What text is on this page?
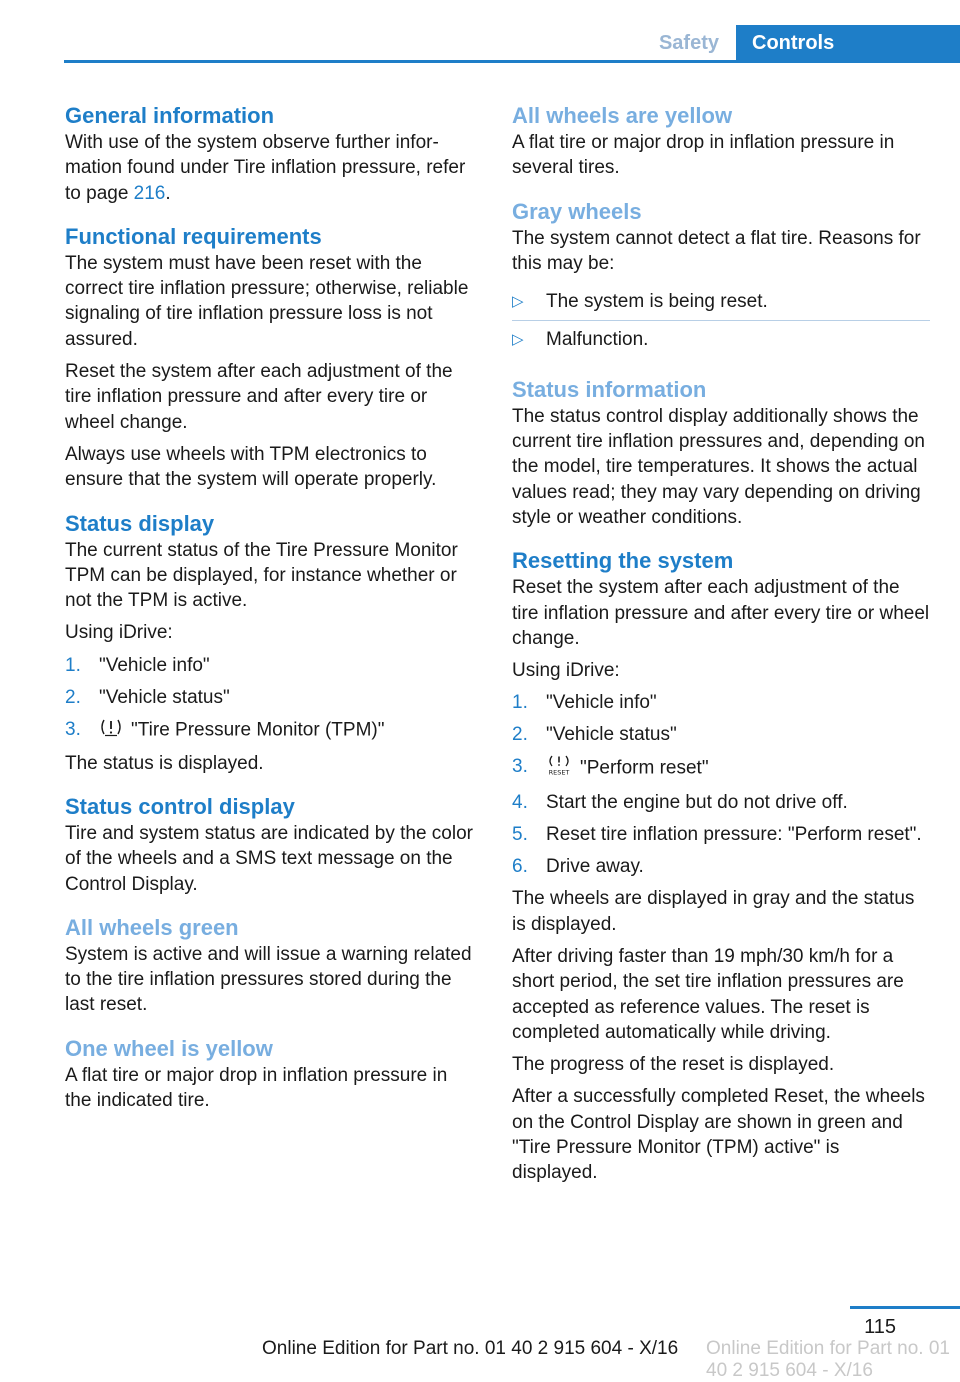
Safety	Controls
General information

With use of the system observe further information found under Tire inflation pressure, refer to page 216.

Functional requirements

The system must have been reset with the correct tire inflation pressure; otherwise, reliable signaling of tire inflation pressure loss is not assured.

Reset the system after each adjustment of the tire inflation pressure and after every tire or wheel change.

Always use wheels with TPM electronics to ensure that the system will operate properly.

Status display

The current status of the Tire Pressure Monitor TPM can be displayed, for instance whether or not the TPM is active.

Using iDrive:

1. "Vehicle info"
2. "Vehicle status"
3.	"Tire Pressure Monitor (TPM)"

The status is displayed.

Status control display

Tire and system status are indicated by the color of the wheels and a SMS text message on the Control Display.

All wheels green

System is active and will issue a warning related to the tire inflation pressures stored during the last reset.

One wheel is yellow

A flat tire or major drop in inflation pressure in the indicated tire.

All wheels are yellow

A flat tire or major drop in inflation pressure in several tires.

Gray wheels

The system cannot detect a flat tire. Reasons for this may be:

▷ The system is being reset.
▷ Malfunction.
Status information

The status control display additionally shows the current tire inflation pressures and, depending on the model, tire temperatures. It shows the actual values read; they may vary depending on driving style or weather conditions.

Resetting the system

Reset the system after each adjustment of the tire inflation pressure and after every tire or wheel change.

Using iDrive:

1. "Vehicle info"
2. "Vehicle status"
3.	RESET "Perform reset"
4. Start the engine but do not drive off.
5. Reset tire inflation pressure: "Perform reset".
6. Drive away.

The wheels are displayed in gray and the status is displayed.

After driving faster than 19 mph/30 km/h for a short period, the set tire inflation pressures are accepted as reference values. The reset is completed automatically while driving.

The progress of the reset is displayed.

After a successfully completed Reset, the wheels on the Control Display are shown in green and "Tire Pressure Monitor (TPM) active" is displayed.

115
Online Edition for Part no. 01 40 2 915 604 - X/16 Online Edition for Part no. 01 40 2 915 604 - X/16
